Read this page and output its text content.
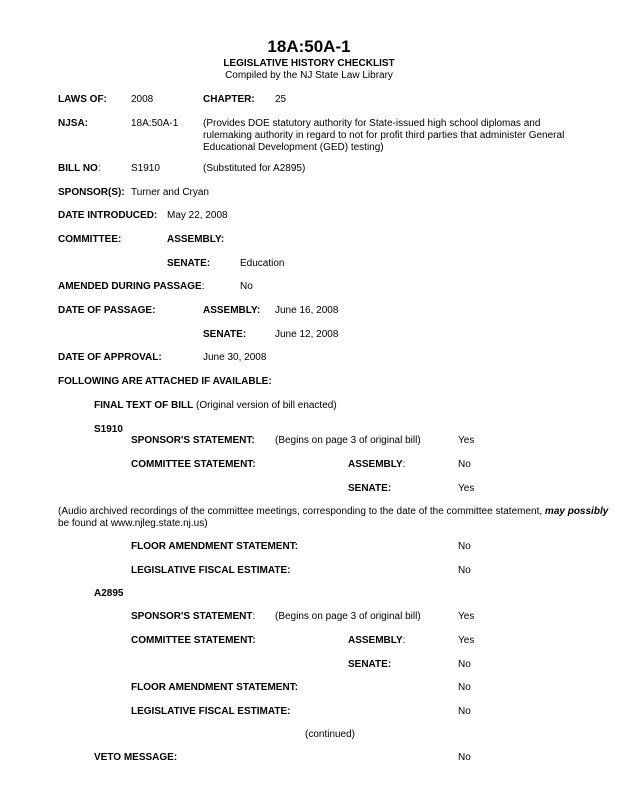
18A:50A-1
LEGISLATIVE HISTORY CHECKLIST
Compiled by the NJ State Law Library
LAWS OF: 2008	CHAPTER: 25
NJSA:	18A:50A-1 (Provides DOE statutory authority for State-issued high school diplomas and rulemaking authority in regard to not for profit third parties that administer General Educational Development (GED) testing)
BILL NO:	S1910	(Substituted for A2895)
SPONSOR(S): Turner and Cryan
DATE INTRODUCED: May 22, 2008
COMMITTEE:	ASSEMBLY:
SENATE:	Education
AMENDED DURING PASSAGE:	No
DATE OF PASSAGE:	ASSEMBLY: June 16, 2008
SENATE:	June 12, 2008
DATE OF APPROVAL:	June 30, 2008
FOLLOWING ARE ATTACHED IF AVAILABLE:
FINAL TEXT OF BILL (Original version of bill enacted)
S1910
SPONSOR'S STATEMENT: (Begins on page 3 of original bill)	Yes
COMMITTEE STATEMENT:	ASSEMBLY:	No
SENATE:	Yes
(Audio archived recordings of the committee meetings, corresponding to the date of the committee statement, may possibly
be found at www.njleg.state.nj.us)
FLOOR AMENDMENT STATEMENT:	No
LEGISLATIVE FISCAL ESTIMATE:	No
A2895
SPONSOR'S STATEMENT: (Begins on page 3 of original bill)	Yes
COMMITTEE STATEMENT:	ASSEMBLY:	Yes
SENATE:	No
FLOOR AMENDMENT STATEMENT:	No
LEGISLATIVE FISCAL ESTIMATE:	No
(continued)
VETO MESSAGE:	No
